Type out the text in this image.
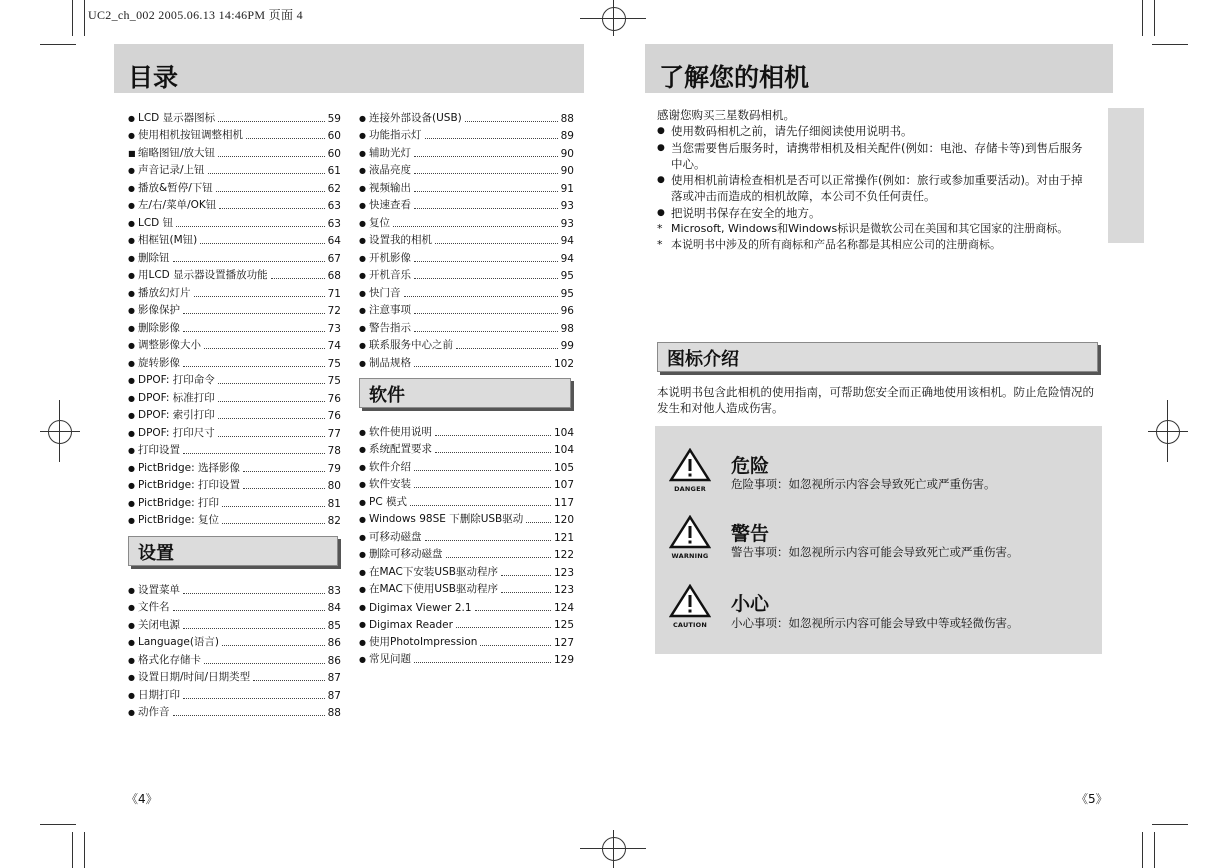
UC2_ch_002 2005.06.13 14:46PM 页面 4
目录
● LCD 显示器图标	59
● 使用相机按钮调整相机	60
■ 缩略图钮/放大钮	60
● 声音记录/上钮	61
● 播放&暂停/下钮	62
● 左/右/菜单/OK钮	63
● LCD 钮	63
● 相框钮(M钮)	64
● 删除钮	67
● 用LCD 显示器设置播放功能	68
● 播放幻灯片	71
● 影像保护	72
● 删除影像	73
● 调整影像大小	74
● 旋转影像	75
● DPOF: 打印命令	75
● DPOF: 标准打印	76
● DPOF: 索引打印	76
● DPOF: 打印尺寸	77
● 打印设置	78
● PictBridge: 选择影像	79
● PictBridge: 打印设置	80
● PictBridge: 打印	81
● PictBridge: 复位	82
设置
● 设置菜单	83
● 文件名	84
● 关闭电源	85
● Language(语言)	86
● 格式化存储卡	86
● 设置日期/时间/日期类型	87
● 日期打印	87
● 动作音	88
● 连接外部设备(USB)	88
● 功能指示灯	89
● 辅助光灯	90
● 液晶亮度	90
● 视频输出	91
● 快速查看	93
● 复位	93
● 设置我的相机	94
● 开机影像	94
● 开机音乐	95
● 快门音	95
● 注意事项	96
● 警告指示	98
● 联系服务中心之前	99
● 制品规格	102
软件
● 软件使用说明	104
● 系统配置要求	104
● 软件介绍	105
● 软件安装	107
● PC 模式	117
● Windows 98SE 下删除USB驱动	120
● 可移动磁盘	121
● 删除可移动磁盘	122
● 在MAC下安装USB驱动程序	123
● 在MAC下使用USB驱动程序	123
● Digimax Viewer 2.1	124
● Digimax Reader	125
● 使用PhotoImpression	127
● 常见问题	129
《4》
了解您的相机
感谢您购买三星数码相机。
● 使用数码相机之前，请先仔细阅读使用说明书。
● 当您需要售后服务时，请携带相机及相关配件(例如：电池、存储卡等)到售后服务
中心。
● 使用相机前请检查相机是否可以正常操作(例如：旅行或参加重要活动)。对由于掉
落或冲击而造成的相机故障，本公司不负任何责任。
● 把说明书保存在安全的地方。
* Microsoft, Windows和Windows标识是微软公司在美国和其它国家的注册商标。
* 本说明书中涉及的所有商标和产品名称都是其相应公司的注册商标。
图标介绍
本说明书包含此相机的使用指南，可帮助您安全而正确地使用该相机。防止危险情况的
发生和对他人造成伤害。
DANGER
危险
危险事项：如忽视所示内容会导致死亡或严重伤害。
WARNING
警告
警告事项：如忽视所示内容可能会导致死亡或严重伤害。
CAUTION
小心
小心事项：如忽视所示内容可能会导致中等或轻微伤害。
《5》
